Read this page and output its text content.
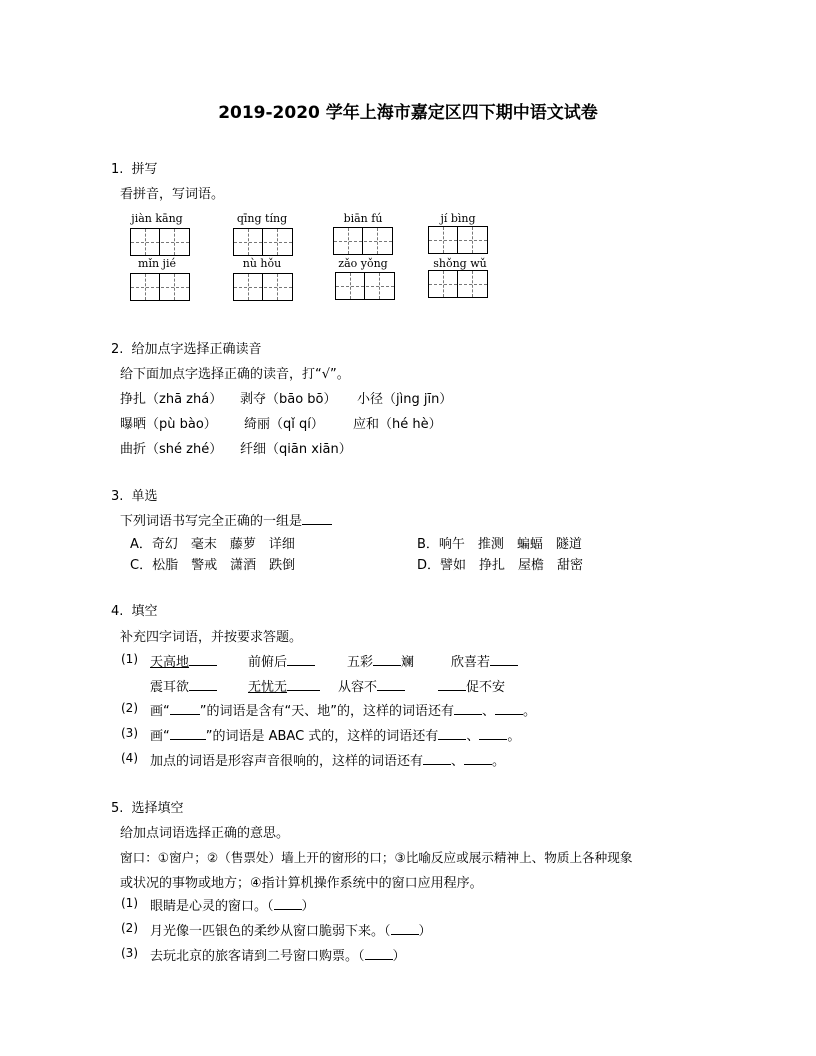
2019-2020 学年上海市嘉定区四下期中语文试卷
1. 拼写
看拼音，写词语。
jiàn kāng	qīng tíng	biān fú	jí bìng
mǐn jié	nù hǒu	zǎo yǒng	shǒng wǔ
2. 给加点字选择正确读音
给下面加点字选择正确的读音，打“√”。
挣扎（zhā zhá） 剥夺（bāo bō） 小径（jìng jīn）
曝晒（pù bào） 绮丽（qǐ qí） 应和（hé hè）
曲折（shé zhé） 纤细（qiān xiān）
3. 单选
下列词语书写完全正确的一组是
A．奇幻　毫末　藤萝　详细	B．响午　推测　蝙蝠　隧道
C．松脂　警戒　潇酒　跌倒	D．譬如　挣扎　屋檐　甜密
4. 填空
补充四字词语，并按要求答题。
(1) 天高地	前俯后	五彩 斓	欣喜若
震耳欲	无忧无	从容不	促不安
(2) 画“ ”的词语是含有“天、地”的，这样的词语还有 、 。
(3) 画“	”的词语是 ABAC 式的，这样的词语还有 、 。
(4) 加点的词语是形容声音很响的，这样的词语还有 、 。
5. 选择填空
给加点词语选择正确的意思。
窗口：①窗户；②（售票处）墙上开的窗形的口；③比喻反应或展示精神上、物质上各种现象
或状况的事物或地方；④指计算机操作系统中的窗口应用程序。
(1) 眼睛是心灵的窗口。（ ）
(2) 月光像一匹银色的柔纱从窗口脆弱下来。（ ）
(3) 去玩北京的旅客请到二号窗口购票。（ ）
